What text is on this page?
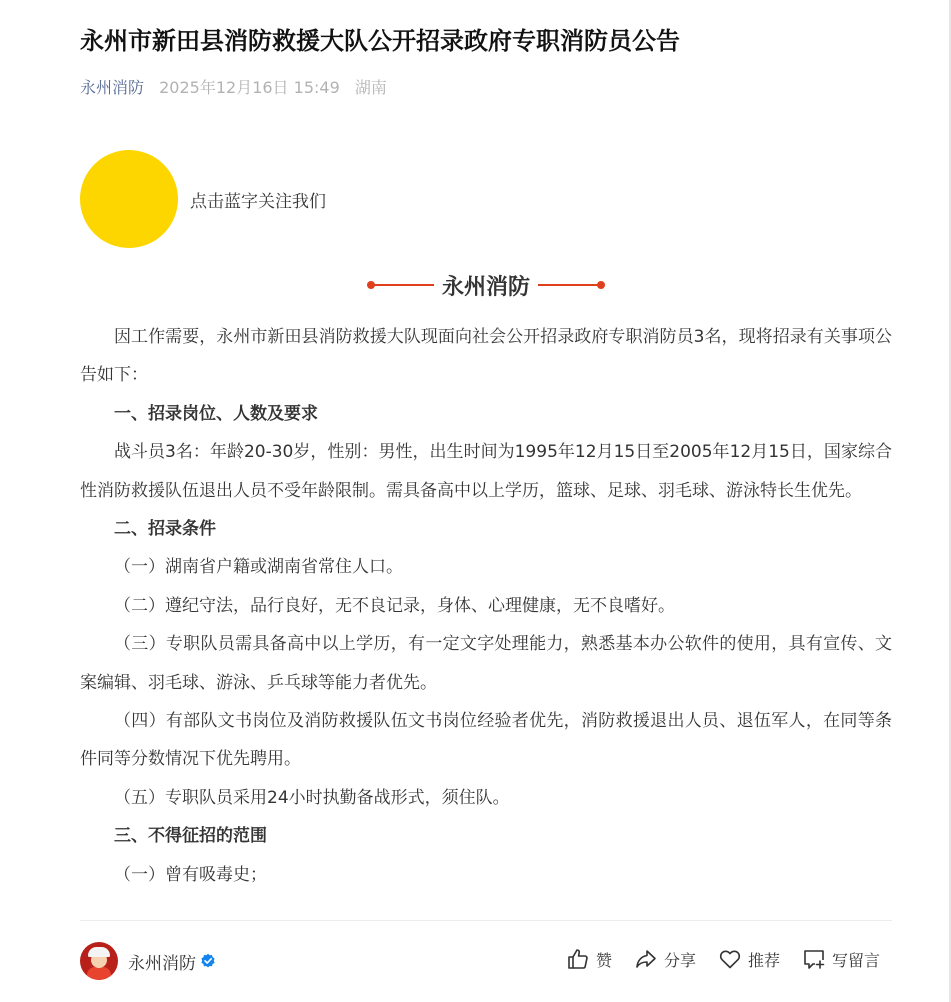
永州市新田县消防救援大队公开招录政府专职消防员公告
永州消防 2025年12月16日 15:49 湖南
点击蓝字关注我们
永州消防

因工作需要，永州市新田县消防救援大队现面向社会公开招录政府专职消防员3名，现将招录有关事项公告如下：

一、招录岗位、人数及要求

战斗员3名：年龄20-30岁，性别：男性，出生时间为1995年12月15日至2005年12月15日，国家综合性消防救援队伍退出人员不受年龄限制。需具备高中以上学历，篮球、足球、羽毛球、游泳特长生优先。

二、招录条件

（一）湖南省户籍或湖南省常住人口。

（二）遵纪守法，品行良好，无不良记录，身体、心理健康，无不良嗜好。

（三）专职队员需具备高中以上学历，有一定文字处理能力，熟悉基本办公软件的使用，具有宣传、文案编辑、羽毛球、游泳、乒乓球等能力者优先。

（四）有部队文书岗位及消防救援队伍文书岗位经验者优先，消防救援退出人员、退伍军人，在同等条件同等分数情况下优先聘用。

（五）专职队员采用24小时执勤备战形式，须住队。

三、不得征招的范围

（一）曾有吸毒史；

永州消防	赞	分享	推荐	写留言
